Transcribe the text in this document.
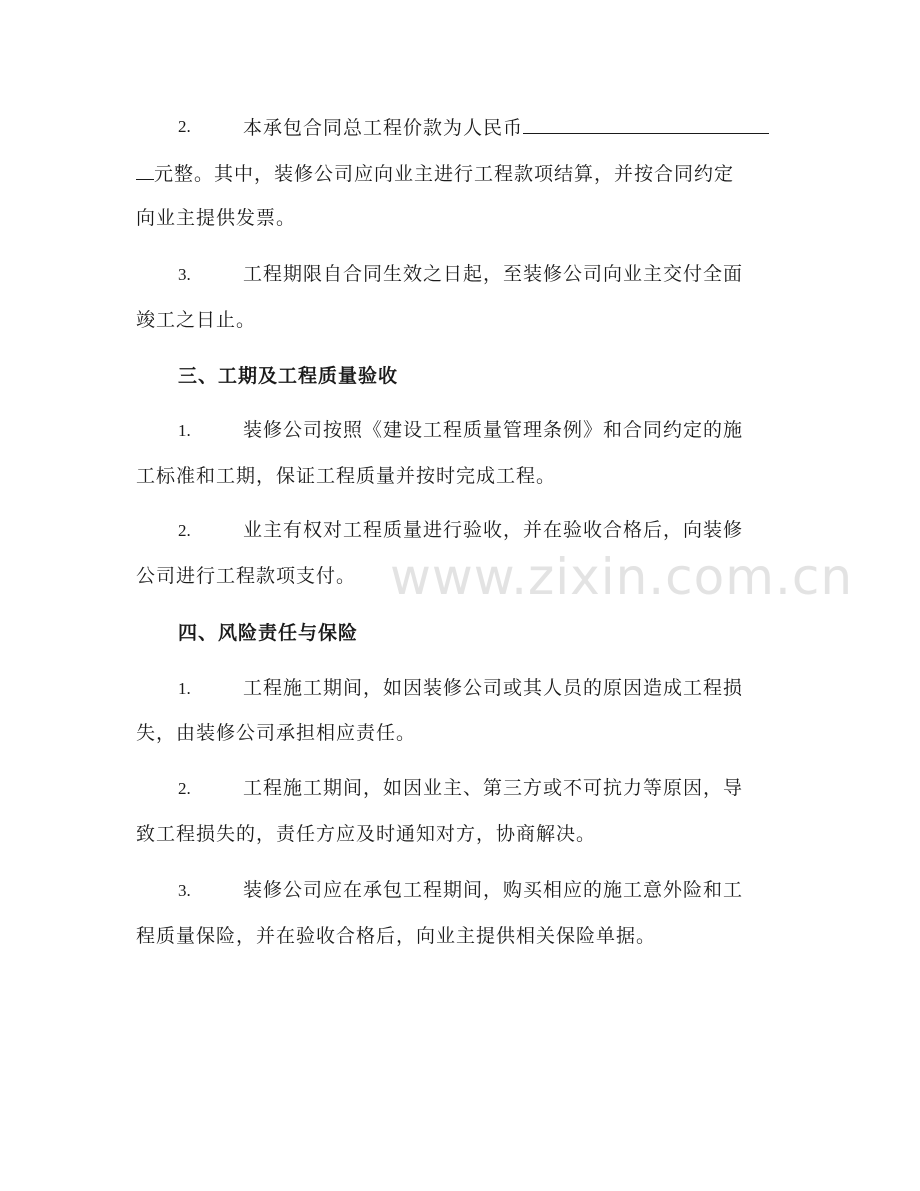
2.	本承包合同总工程价款为人民币
元整。其中，装修公司应向业主进行工程款项结算，并按合同约定
向业主提供发票。
3.	工程期限自合同生效之日起，至装修公司向业主交付全面
竣工之日止。
三、工期及工程质量验收
1.	装修公司按照《建设工程质量管理条例》和合同约定的施
工标准和工期，保证工程质量并按时完成工程。
2.	业主有权对工程质量进行验收，并在验收合格后，向装修
公司进行工程款项支付。
四、风险责任与保险
1.	工程施工期间，如因装修公司或其人员的原因造成工程损
失，由装修公司承担相应责任。
2.	工程施工期间，如因业主、第三方或不可抗力等原因，导
致工程损失的，责任方应及时通知对方，协商解决。
3.	装修公司应在承包工程期间，购买相应的施工意外险和工
程质量保险，并在验收合格后，向业主提供相关保险单据。
www.zixin.com.cn
